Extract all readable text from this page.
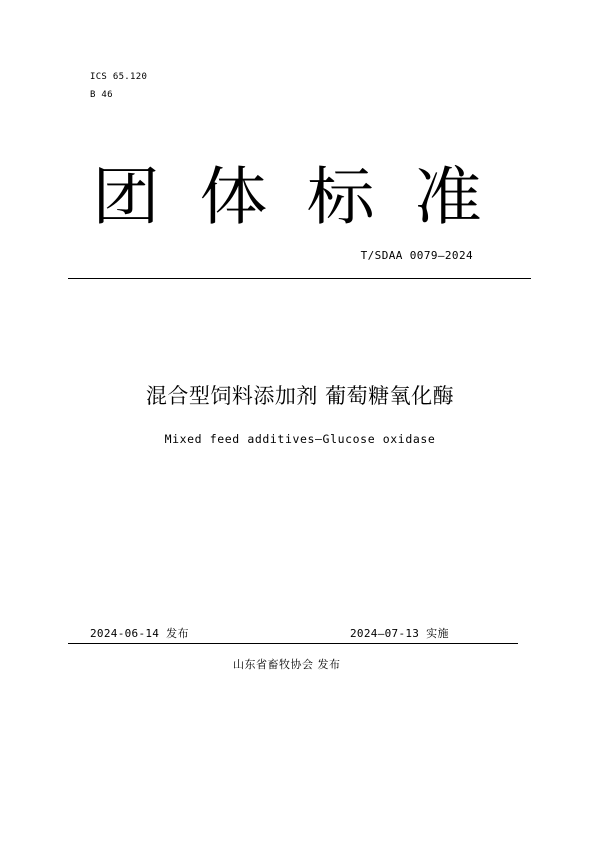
ICS 65.120
B 46
团 体 标 准
T/SDAA 0079—2024
混合型饲料添加剂 葡萄糖氧化酶
Mixed feed additives—Glucose oxidase
2024-06-14 发布	2024—07-13 实施
山东省畜牧协会 发布
